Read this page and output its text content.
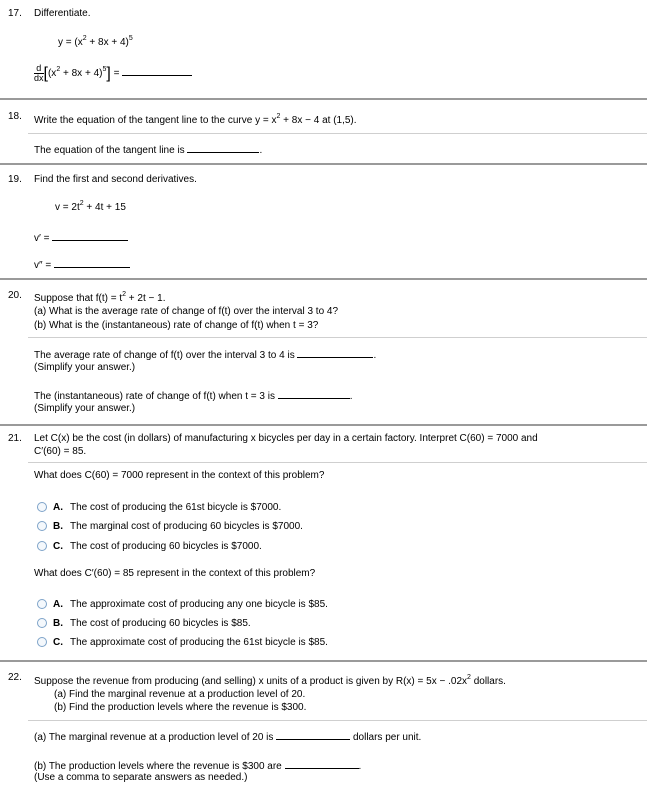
17. Differentiate.
$y = (x^2 + 8x + 4)^5$
$\frac{d}{dx} [(x^2 + 8x + 4)^5]$ =
18. Write the equation of the tangent line to the curve $y = x^2 + 8x - 4$ at (1,5).
The equation of the tangent line is	.
19. Find the first and second derivatives.
$v = 2t^2 + 4t + 15$
v′ =
v″ =
20. Suppose that $f(t) = t^2 + 2t - 1$.
(a) What is the average rate of change of f(t) over the interval 3 to 4?
(b) What is the (instantaneous) rate of change of f(t) when t = 3?
The average rate of change of f(t) over the interval 3 to 4 is	.
(Simplify your answer.)
The (instantaneous) rate of change of f(t) when t = 3 is	.
(Simplify your answer.)
21. Let C(x) be the cost (in dollars) of manufacturing x bicycles per day in a certain factory. Interpret C(60) = 7000 and
C′(60) = 85.
What does C(60) = 7000 represent in the context of this problem?
A. The cost of producing the 61st bicycle is $7000.
B. The marginal cost of producing 60 bicycles is $7000.
C. The cost of producing 60 bicycles is $7000.
What does C′(60) = 85 represent in the context of this problem?
A. The approximate cost of producing any one bicycle is $85.
B. The cost of producing 60 bicycles is $85.
C. The approximate cost of producing the 61st bicycle is $85.
22. Suppose the revenue from producing (and selling) x units of a product is given by $R(x) = 5x - .02x^2$ dollars.
(a) Find the marginal revenue at a production level of 20.
(b) Find the production levels where the revenue is $300.
(a) The marginal revenue at a production level of 20 is	dollars per unit.
(b) The production levels where the revenue is $300 are	.
(Use a comma to separate answers as needed.)
